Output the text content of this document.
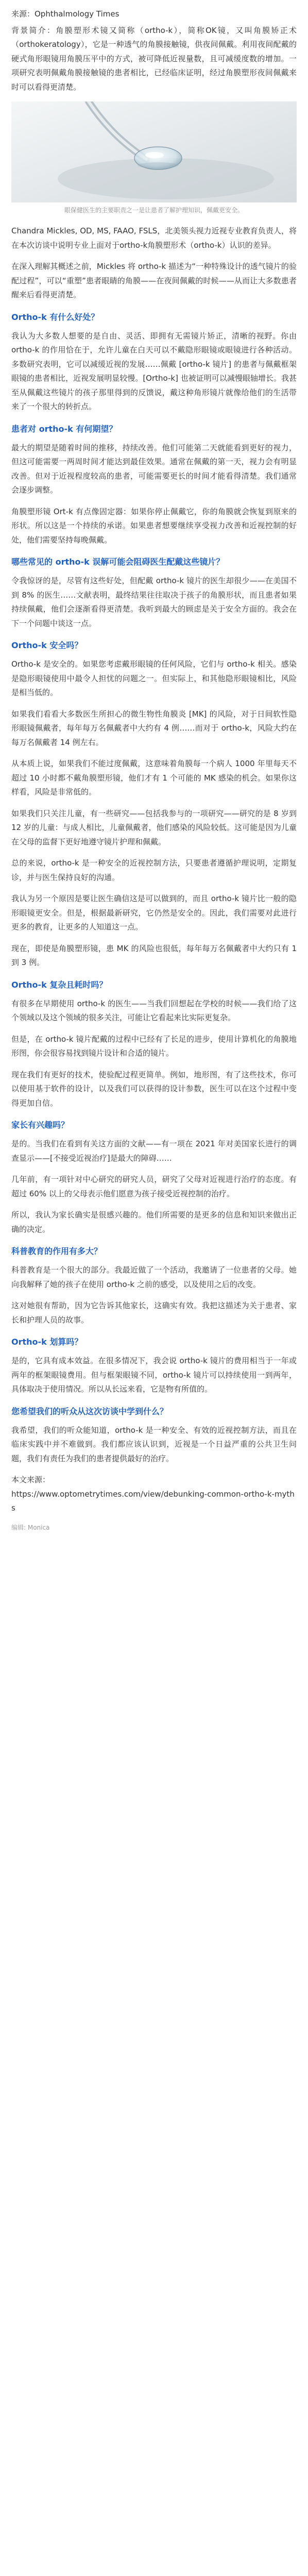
来源：Ophthalmology Times

背景简介：角膜塑形术镜又简称（ortho-k），简称OK镜，又叫角膜矫正术（orthokeratology），它是一种透气的角膜接触镜，供夜间佩戴。利用夜间配戴的硬式角形眼镜用角膜压平中的方式，被可降低近视量数，且可减缓度数的增加。一项研究表明佩戴角膜接触镜的患者相比，已经临床证明，经过角膜塑形夜间佩戴来时可以看得更清楚。

眼保健医生的主要职责之一是让患者了解护理知识，佩戴更安全。

Chandra Mickles, OD, MS, FAAO, FSLS，北美领头视力近视专业教育负责人，将在本次访谈中说明专业上面对于ortho-k角膜塑形术（ortho-k）认识的差异。

在深入理解其概述之前，Mickles 将 ortho-k 描述为“一种特殊设计的透气镜片的验配过程”，可以“重塑”患者眼睛的角膜——在夜间佩戴的时候——从而让大多数患者醒来后看得更清楚。

Ortho-k 有什么好处？

我认为大多数人想要的是自由、灵活、即拥有无需镜片矫正，清晰的视野。你由 ortho-k 的作用恰在于，允许儿童在白天可以不戴隐形眼镜或眼镜进行各种活动。多数研究表明，它可以减缓近视的发展……佩戴 [ortho-k 镜片] 的患者与佩戴框架眼镜的患者相比，近视发展明显较慢。[Ortho-k] 也被证明可以减慢眼轴增长。我甚至从佩戴这些镜片的孩子那里得到的反馈说，戴这种角形镜片就像给他们的生活带来了一个很大的转折点。

患者对 ortho-k 有何期望？

最大的期望是随着时间的推移，持续改善。他们可能第二天就能看到更好的视力，但这可能需要一两周时间才能达到最佳效果。通常在佩戴的第一天，视力会有明显改善。但对于近视程度较高的患者，可能需要更长的时间才能看得清楚。我们通常会逐步调整。

角膜塑形镜 Ort-k 有点像固定器：如果你停止佩戴它，你的角膜就会恢复到原来的形状。所以这是一个持续的承诺。如果患者想要继续享受视力改善和近视控制的好处，他们需要坚持每晚佩戴。

哪些常见的 ortho-k 误解可能会阻碍医生配戴这些镜片？

令我惊讶的是，尽管有这些好处，但配戴 ortho-k 镜片的医生却很少——在美国不到 8% 的医生……文献表明，最终结果往往取决于孩子的角膜形状，而且患者如果持续佩戴，他们会逐渐看得更清楚。我听到最大的顾虑是关于安全方面的。我会在下一个问题中谈这一点。

Ortho-k 安全吗？

Ortho-k 是安全的。如果您考虑戴形眼镜的任何风险，它们与 ortho-k 相关。感染是隐形眼镜使用中最令人担忧的问题之一。但实际上，和其他隐形眼镜相比，风险是相当低的。

如果我们看看大多数医生所担心的微生物性角膜炎 [MK] 的风险，对于日间软性隐形眼镜佩戴者，每年每万名佩戴者中大约有 4 例……而对于 ortho-k，风险大约在每万名佩戴者 14 例左右。

从本质上说，如果我们不能过度佩戴，这意味着角膜每一个病人 1000 年里每天不超过 10 小时都不戴角膜塑形镜，他们才有 1 个可能的 MK 感染的机会。如果你这样看，风险是非常低的。

如果我们只关注儿童，有一些研究——包括我参与的一项研究——研究的是 8 岁到 12 岁的儿童：与成人相比，儿童佩戴者，他们感染的风险较低。这可能是因为儿童在父母的监督下更好地遵守镜片护理和佩戴。

总的来说，ortho-k 是一种安全的近视控制方法，只要患者遵循护理说明，定期复诊，并与医生保持良好的沟通。

我认为另一个原因是要让医生确信这是可以做到的，而且 ortho-k 镜片比一般的隐形眼镜更安全。但是，根据最新研究，它仍然是安全的。因此，我们需要对此进行更多的教育，让更多的人知道这一点。

现在，即使是角膜塑形镜，患 MK 的风险也很低，每年每万名佩戴者中大约只有 1 到 3 例。

Ortho-k 复杂且耗时吗？

有很多在早期使用 ortho-k 的医生——当我们回想起在学校的时候——我们给了这个领域以及这个领域的很多关注，可能让它看起来比实际更复杂。

但是，在 ortho-k 镜片配戴的过程中已经有了长足的进步，使用计算机化的角膜地形图，你会很容易找到镜片设计和合适的镜片。

现在我们有更好的技术，使验配过程更简单。例如，地形图，有了这些技术，你可以使用基于软件的设计，以及我们可以获得的设计参数，医生可以在这个过程中变得更加自信。

家长有兴趣吗？

是的。当我们在看到有关这方面的文献——有一项在 2021 年对美国家长进行的调查显示——[不接受近视治疗]是最大的障碍……

几年前，有一项针对中心研究的研究人员，研究了父母对近视进行治疗的态度。有超过 60% 以上的父母表示他们愿意为孩子接受近视控制的治疗。

所以，我认为家长确实是很感兴趣的。他们所需要的是更多的信息和知识来做出正确的决定。

科普教育的作用有多大？

科普教育是一个很大的部分。我最近做了一个活动，我邀请了一位患者的父母。她向我解释了她的孩子在使用 ortho-k 之前的感受，以及使用之后的改变。

这对她很有帮助，因为它告诉其他家长，这确实有效。我把这描述为关于患者、家长和护理人员的故事。

Ortho-k 划算吗？

是的，它具有成本效益。在很多情况下，我会说 ortho-k 镜片的费用相当于一年或两年的框架眼镜费用。但与框架眼镜不同，ortho-k 镜片可以持续使用一到两年，具体取决于使用情况。所以从长远来看，它是物有所值的。

您希望我们的听众从这次访谈中学到什么？

我希望，我们的听众能知道，ortho-k 是一种安全、有效的近视控制方法，而且在临床实践中并不难做到。我们都应该认识到，近视是一个日益严重的公共卫生问题，我们有责任为我们的患者提供最好的治疗。

本文来源：

https://www.optometrytimes.com/view/debunking-common-ortho-k-myths

编辑: Monica
